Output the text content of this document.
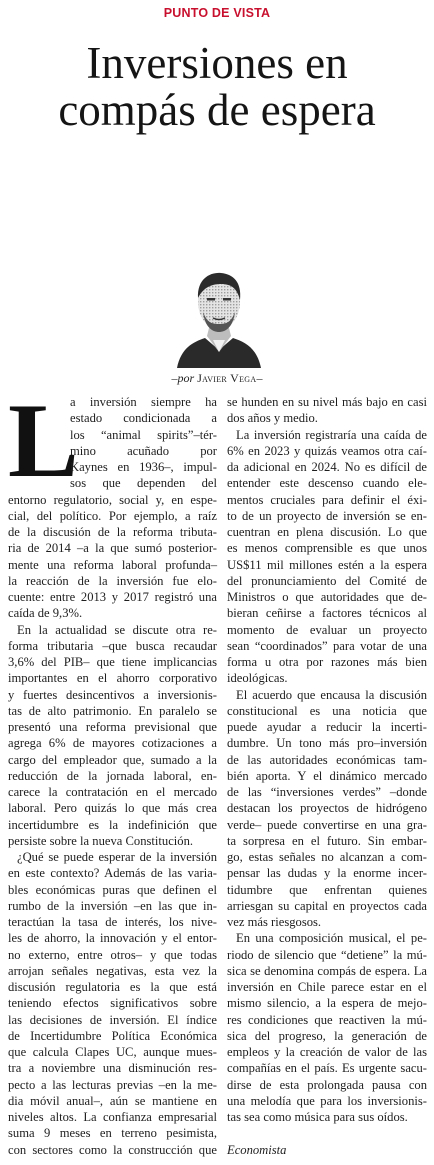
PUNTO DE VISTA
Inversiones en
compás de espera
–por Javier Vega–
L
a inversión siempre ha
estado condicionada a
los “animal spirits”–tér-
mino acuñado por
Kaynes en 1936–, impul-
sos que dependen del
entorno regulatorio, social y, en espe-
cial, del político. Por ejemplo, a raíz
de la discusión de la reforma tributa-
ria de 2014 –a la que sumó posterior-
mente una reforma laboral profunda–
la reacción de la inversión fue elo-
cuente: entre 2013 y 2017 registró una
caída de 9,3%.
En la actualidad se discute otra re-
forma tributaria –que busca recaudar
3,6% del PIB– que tiene implicancias
importantes en el ahorro corporativo
y fuertes desincentivos a inversionis-
tas de alto patrimonio. En paralelo se
presentó una reforma previsional que
agrega 6% de mayores cotizaciones a
cargo del empleador que, sumado a la
reducción de la jornada laboral, en-
carece la contratación en el mercado
laboral. Pero quizás lo que más crea
incertidumbre es la indefinición que
persiste sobre la nueva Constitución.
¿Qué se puede esperar de la inversión
en este contexto? Además de las varia-
bles económicas puras que definen el
rumbo de la inversión –en las que in-
teractúan la tasa de interés, los nive-
les de ahorro, la innovación y el entor-
no externo, entre otros– y que todas
arrojan señales negativas, esta vez la
discusión regulatoria es la que está
teniendo efectos significativos sobre
las decisiones de inversión. El índice
de Incertidumbre Política Económica
que calcula Clapes UC, aunque mues-
tra a noviembre una disminución res-
pecto a las lecturas previas –en la me-
dia móvil anual–, aún se mantiene en
niveles altos. La confianza empresarial
suma 9 meses en terreno pesimista,
con sectores como la construcción que
se hunden en su nivel más bajo en casi
dos años y medio.
La inversión registraría una caída de
6% en 2023 y quizás veamos otra caí-
da adicional en 2024. No es difícil de
entender este descenso cuando ele-
mentos cruciales para definir el éxi-
to de un proyecto de inversión se en-
cuentran en plena discusión. Lo que
es menos comprensible es que unos
US$11 mil millones estén a la espera
del pronunciamiento del Comité de
Ministros o que autoridades que de-
bieran ceñirse a factores técnicos al
momento de evaluar un proyecto
sean “coordinados” para votar de una
forma u otra por razones más bien
ideológicas.
El acuerdo que encausa la discusión
constitucional es una noticia que
puede ayudar a reducir la incerti-
dumbre. Un tono más pro–inversión
de las autoridades económicas tam-
bién aporta. Y el dinámico mercado
de las “inversiones verdes” –donde
destacan los proyectos de hidrógeno
verde– puede convertirse en una gra-
ta sorpresa en el futuro. Sin embar-
go, estas señales no alcanzan a com-
pensar las dudas y la enorme incer-
tidumbre que enfrentan quienes
arriesgan su capital en proyectos cada
vez más riesgosos.
En una composición musical, el pe-
riodo de silencio que “detiene” la mú-
sica se denomina compás de espera. La
inversión en Chile parece estar en el
mismo silencio, a la espera de mejo-
res condiciones que reactiven la mú-
sica del progreso, la generación de
empleos y la creación de valor de las
compañías en el país. Es urgente sacu-
dirse de esta prolongada pausa con
una melodía que para los inversionis-
tas sea como música para sus oídos.
Economista
